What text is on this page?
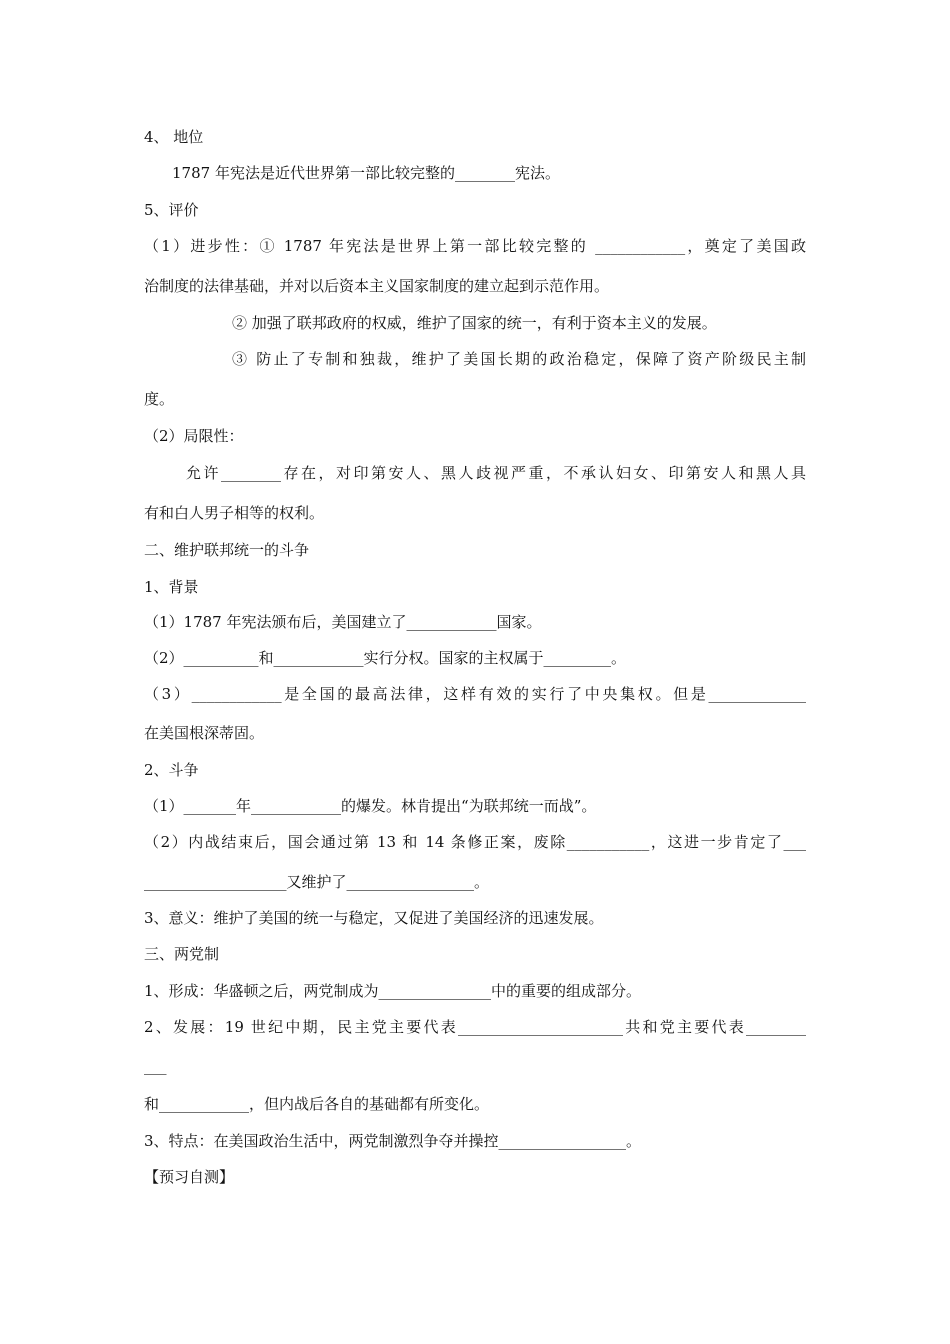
4、 地位

1787 年宪法是近代世界第一部比较完整的________宪法。

5、评价

（1）进步性：① 1787 年宪法是世界上第一部比较完整的 ____________，奠定了美国政

治制度的法律基础，并对以后资本主义国家制度的建立起到示范作用。

② 加强了联邦政府的权威，维护了国家的统一，有利于资本主义的发展。

③ 防止了专制和独裁，维护了美国长期的政治稳定，保障了资产阶级民主制

度。

（2）局限性：

允许________存在，对印第安人、黑人歧视严重，不承认妇女、印第安人和黑人具

有和白人男子相等的权利。

二、维护联邦统一的斗争

1、背景

（1）1787 年宪法颁布后，美国建立了____________国家。

（2）__________和____________实行分权。国家的主权属于_________。

（3）____________是全国的最高法律，这样有效的实行了中央集权。但是_____________

在美国根深蒂固。

2、斗争

（1）_______年____________的爆发。林肯提出“为联邦统一而战”。

（2）内战结束后，国会通过第 13 和 14 条修正案，废除___________，这进一步肯定了___

___________________又维护了_________________。

3、意义：维护了美国的统一与稳定，又促进了美国经济的迅速发展。

三、两党制

1、形成：华盛顿之后，两党制成为_______________中的重要的组成部分。

2、发展：19 世纪中期，民主党主要代表______________________共和党主要代表________

___

和____________，但内战后各自的基础都有所变化。

3、特点：在美国政治生活中，两党制激烈争夺并操控_________________。

【预习自测】
